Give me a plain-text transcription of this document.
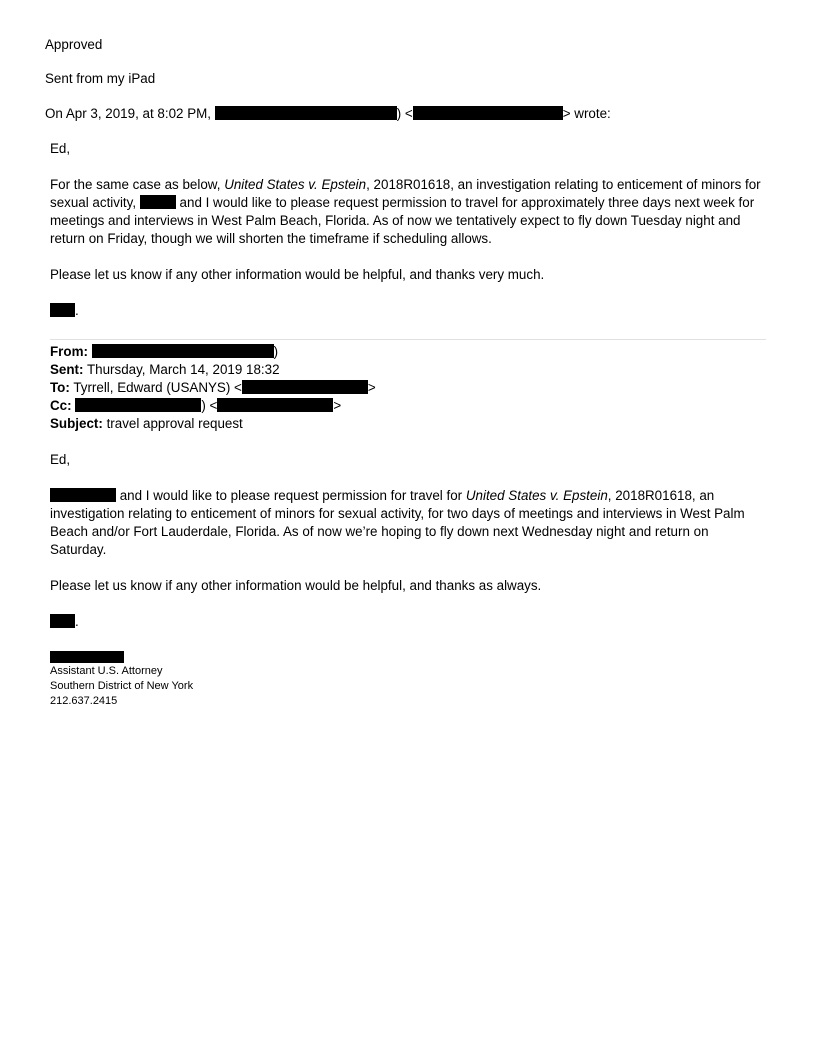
Approved
Sent from my iPad
On Apr 3, 2019, at 8:02 PM,	) <	> wrote:
Ed,
For the same case as below, United States v. Epstein, 2018R01618, an investigation relating to enticement of minors for
sexual activity,	and I would like to please request permission to travel for approximately three days next week for
meetings and interviews in West Palm Beach, Florida. As of now we tentatively expect to fly down Tuesday night and
return on Friday, though we will shorten the timeframe if scheduling allows.
Please let us know if any other information would be helpful, and thanks very much.
.
From:	)
Sent: Thursday, March 14, 2019 18:32
To: Tyrrell, Edward (USANYS) <	>
Cc:	) <	>
Subject: travel approval request
Ed,
and I would like to please request permission for travel for United States v. Epstein, 2018R01618, an
investigation relating to enticement of minors for sexual activity, for two days of meetings and interviews in West Palm
Beach and/or Fort Lauderdale, Florida. As of now we’re hoping to fly down next Wednesday night and return on
Saturday.
Please let us know if any other information would be helpful, and thanks as always.
.
Assistant U.S. Attorney
Southern District of New York
212.637.2415
